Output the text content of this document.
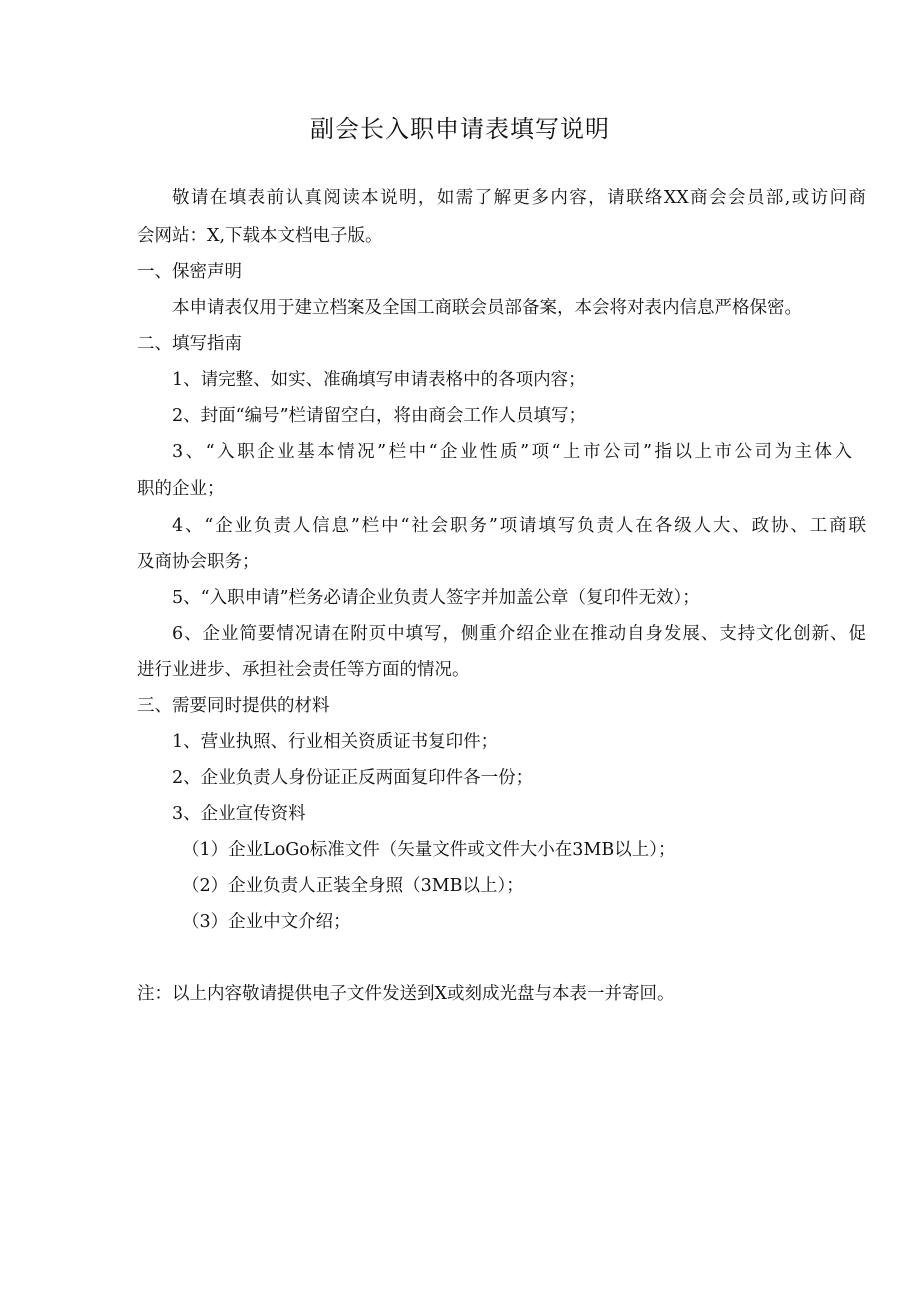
副会长入职申请表填写说明
敬请在填表前认真阅读本说明，如需了解更多内容，请联络XX商会会员部,或访问商
会网站：X,下载本文档电子版。
一、保密声明
本申请表仅用于建立档案及全国工商联会员部备案，本会将对表内信息严格保密。
二、填写指南
1、请完整、如实、准确填写申请表格中的各项内容；
2、封面“编号”栏请留空白，将由商会工作人员填写；
3、“入职企业基本情况”栏中“企业性质”项“上市公司”指以上市公司为主体入
职的企业；
4、“企业负责人信息”栏中“社会职务”项请填写负责人在各级人大、政协、工商联
及商协会职务；
5、“入职申请”栏务必请企业负责人签字并加盖公章（复印件无效）；
6、企业简要情况请在附页中填写，侧重介绍企业在推动自身发展、支持文化创新、促
进行业进步、承担社会责任等方面的情况。
三、需要同时提供的材料
1、营业执照、行业相关资质证书复印件；
2、企业负责人身份证正反两面复印件各一份；
3、企业宣传资料
（1）企业LoGo标准文件（矢量文件或文件大小在3MB以上）；
（2）企业负责人正装全身照（3MB以上）；
（3）企业中文介绍；
注：以上内容敬请提供电子文件发送到X或刻成光盘与本表一并寄回。
